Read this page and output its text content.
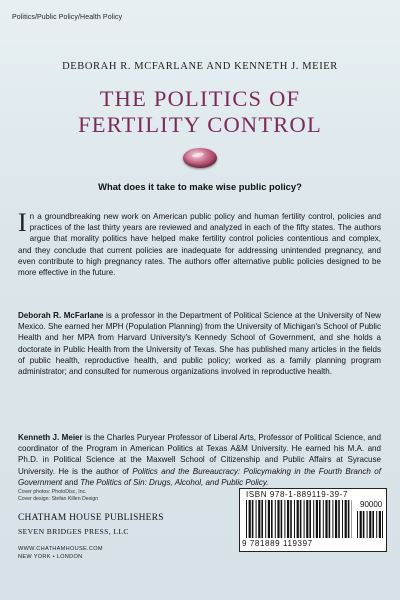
Politics/Public Policy/Health Policy
DEBORAH R. MCFARLANE AND KENNETH J. MEIER
THE POLITICS OF
FERTILITY CONTROL
What does it take to make wise public policy?

In a groundbreaking new work on American public policy and human fertility control, policies and practices of the last thirty years are reviewed and analyzed in each of the fifty states. The authors argue that morality politics have helped make fertility control policies contentious and complex, and they conclude that current policies are inadequate for addressing unintended pregnancy, and even contribute to high pregnancy rates. The authors offer alternative public policies designed to be more effective in the future.

Deborah R. McFarlane is a professor in the Department of Political Science at the University of New Mexico. She earned her MPH (Population Planning) from the University of Michigan's School of Public Health and her MPA from Harvard University's Kennedy School of Government, and she holds a doctorate in Public Health from the University of Texas. She has published many articles in the fields of public health, reproductive health, and public policy; worked as a family planning program administrator; and consulted for numerous organizations involved in reproductive health.

Kenneth J. Meier is the Charles Puryear Professor of Liberal Arts, Professor of Political Science, and coordinator of the Program in American Politics at Texas A&M University. He earned his M.A. and Ph.D. in Political Science at the Maxwell School of Citizenship and Public Affairs at Syracuse University. He is the author of Politics and the Bureaucracy: Policymaking in the Fourth Branch of Government and The Politics of Sin: Drugs, Alcohol, and Public Policy.

Cover photos: PhotoDisc, Inc.
Cover design: Stefan Killen Design
CHATHAM HOUSE PUBLISHERS
SEVEN BRIDGES PRESS, LLC
WWW.CHATHAMHOUSE.COM
NEW YORK • LONDON
ISBN 978-1-889119-39-7
90000
9 781889 119397
